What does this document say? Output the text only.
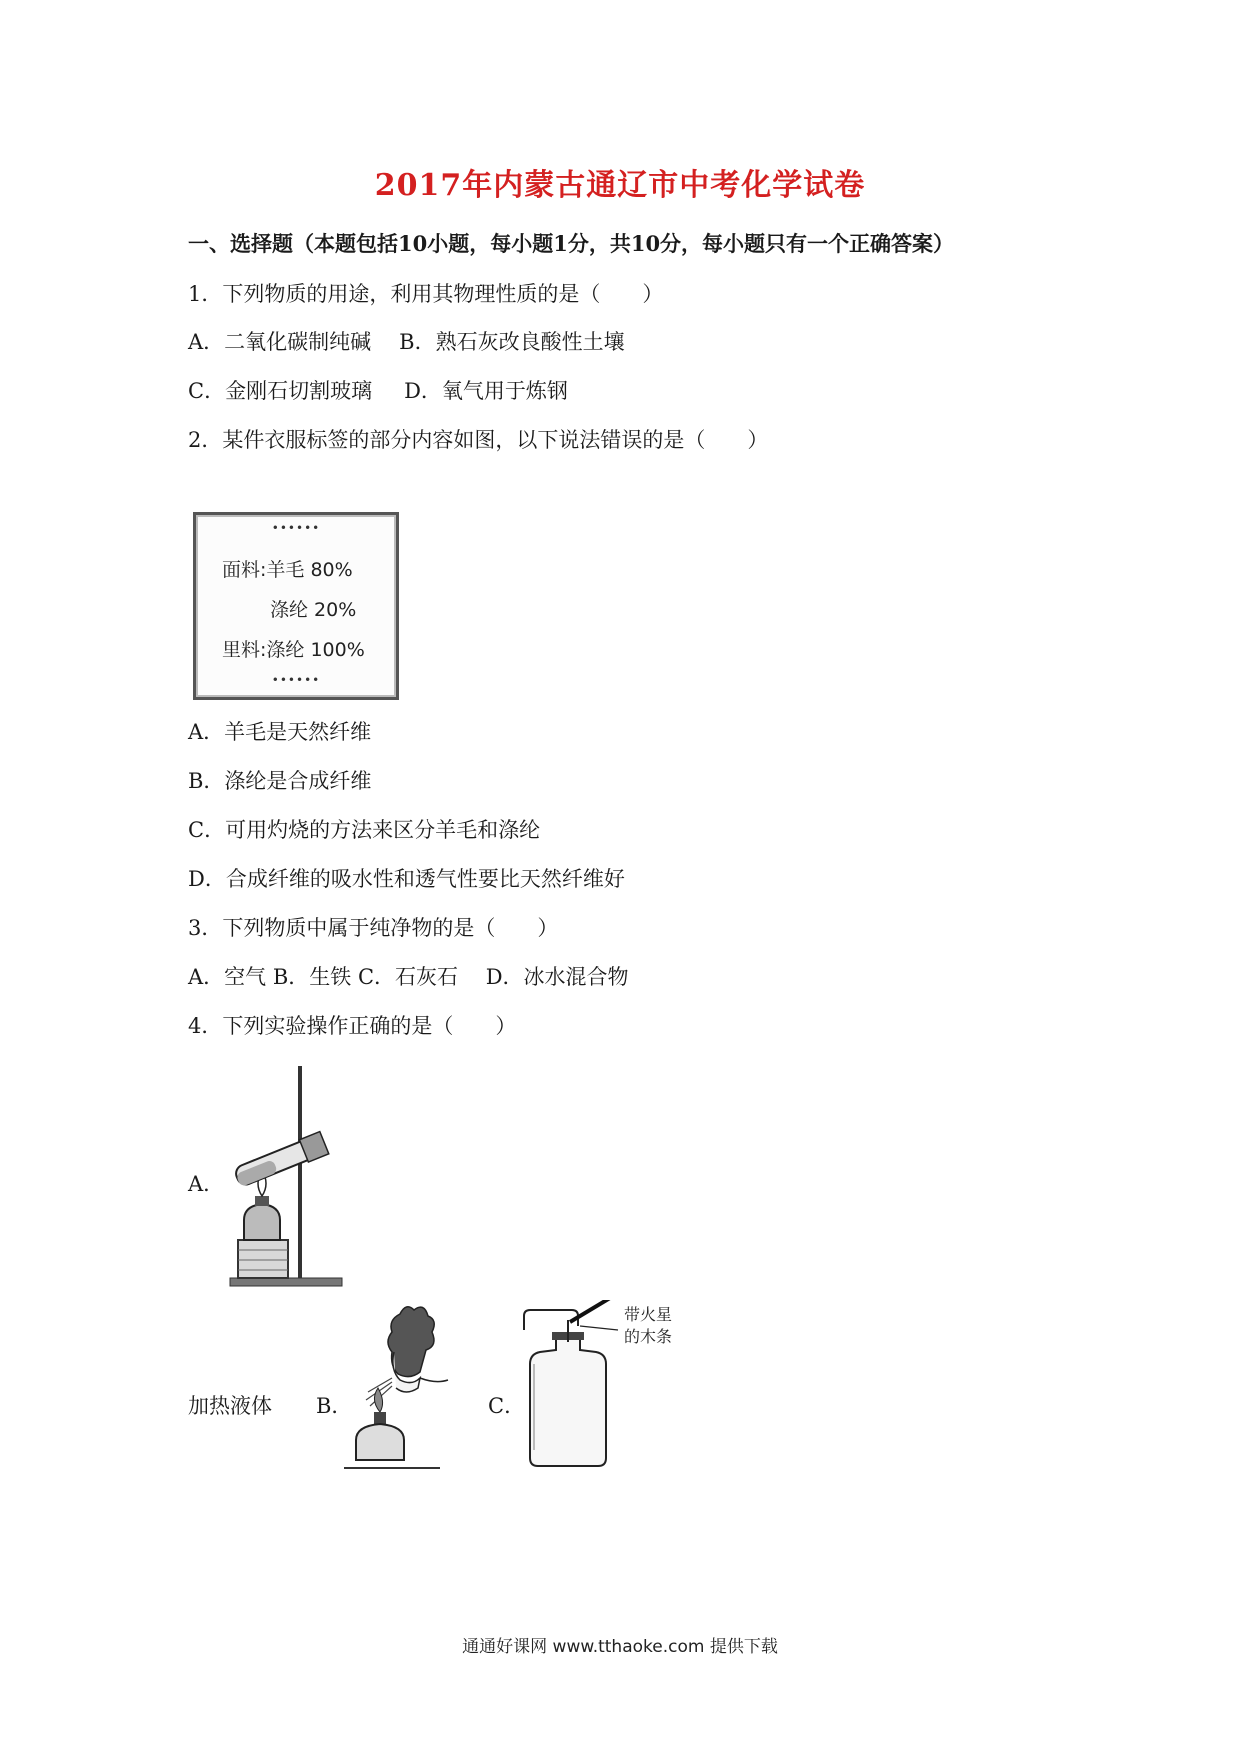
2017年内蒙古通辽市中考化学试卷
一、选择题（本题包括10小题，每小题1分，共10分，每小题只有一个正确答案）
1．下列物质的用途，利用其物理性质的是（　　）
A．二氧化碳制纯碱 B．熟石灰改良酸性土壤
C．金刚石切割玻璃 D．氧气用于炼钢
2．某件衣服标签的部分内容如图，以下说法错误的是（　　）
••••••
面料:羊毛 80%
涤纶 20%
里料:涤纶 100%
••••••
A．羊毛是天然纤维
B．涤纶是合成纤维
C．可用灼烧的方法来区分羊毛和涤纶
D．合成纤维的吸水性和透气性要比天然纤维好
3．下列物质中属于纯净物的是（　　）
A．空气 B．生铁 C．石灰石　 D．冰水混合物
4．下列实验操作正确的是（　　）
A．
加热液体 B．	C．
带火星
的木条
通通好课网 www.tthaoke.com 提供下载
